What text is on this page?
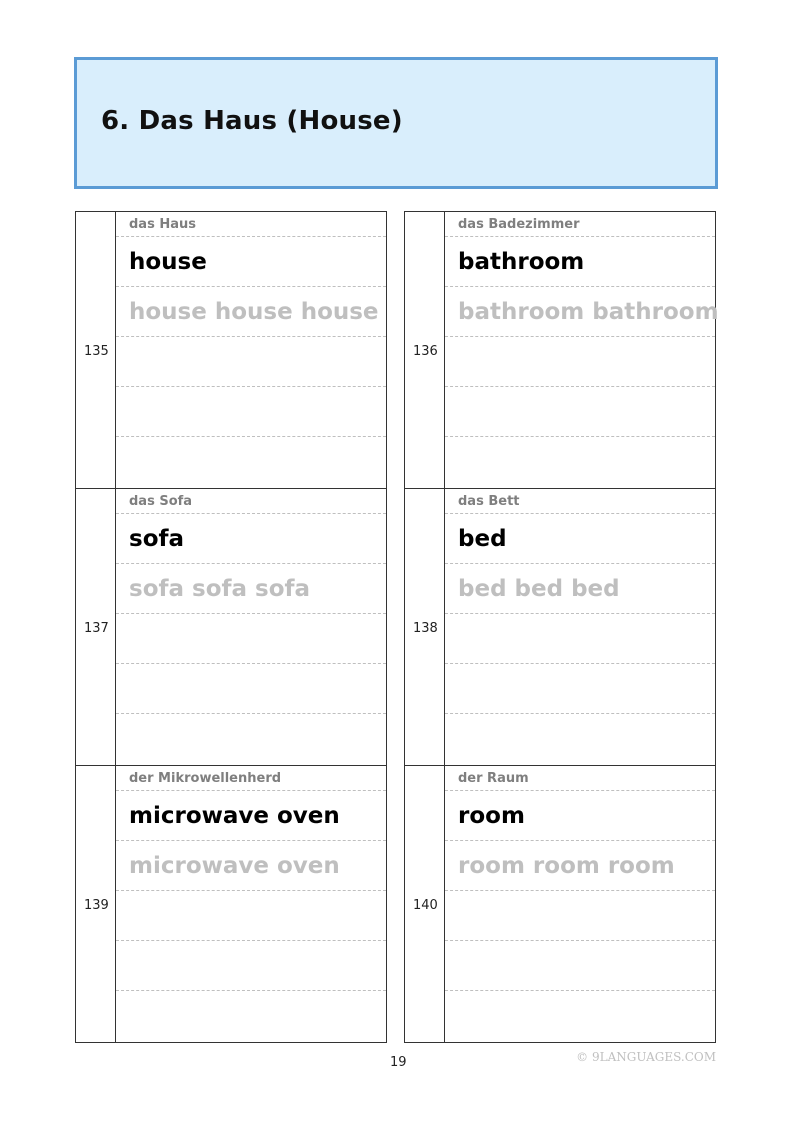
6. Das Haus (House)
135
das Haus
house
house house house
137
das Sofa
sofa
sofa sofa sofa
139
der Mikrowellenherd
microwave oven
microwave oven
136
das Badezimmer
bathroom
bathroom bathroom
138
das Bett
bed
bed bed bed
140
der Raum
room
room room room
19	© 9LANGUAGES.COM
